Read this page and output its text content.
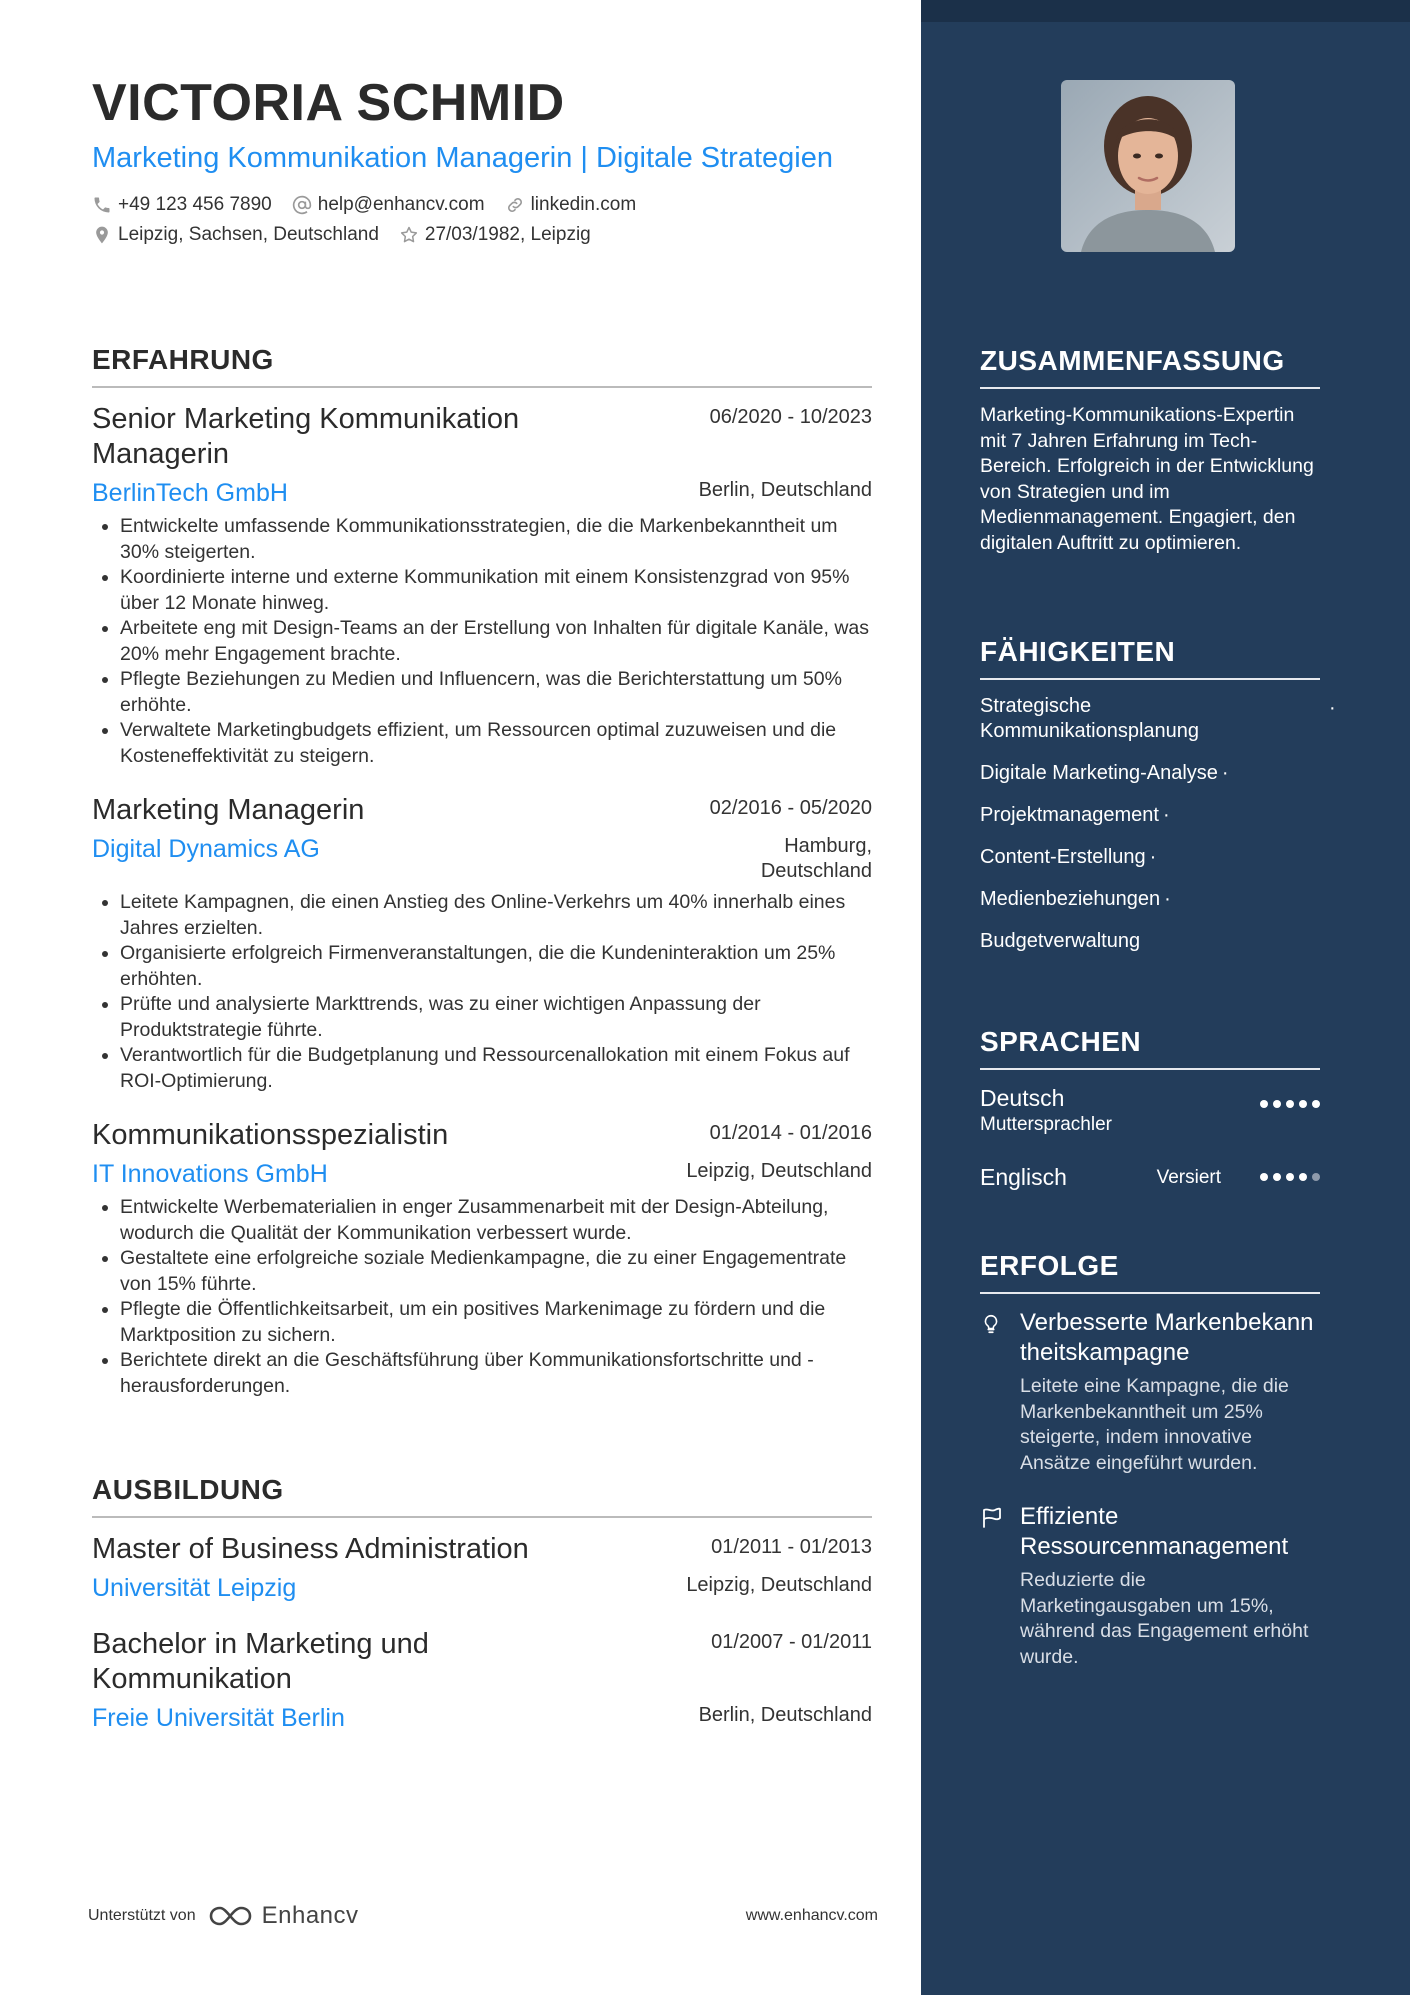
VICTORIA SCHMID
Marketing Kommunikation Managerin | Digitale Strategien
+49 123 456 7890 help@enhancv.com linkedin.com
Leipzig, Sachsen, Deutschland 27/03/1982, Leipzig
ERFAHRUNG
Senior Marketing Kommunikation Managerin
06/2020 - 10/2023
BerlinTech GmbH	Berlin, Deutschland
• Entwickelte umfassende Kommunikationsstrategien, die die Markenbekanntheit um 30% steigerten.
• Koordinierte interne und externe Kommunikation mit einem Konsistenzgrad von 95% über 12 Monate hinweg.
• Arbeitete eng mit Design-Teams an der Erstellung von Inhalten für digitale Kanäle, was 20% mehr Engagement brachte.
• Pflegte Beziehungen zu Medien und Influencern, was die Berichterstattung um 50% erhöhte.
• Verwaltete Marketingbudgets effizient, um Ressourcen optimal zuzuweisen und die Kosteneffektivität zu steigern.
Marketing Managerin	02/2016 - 05/2020
Digital Dynamics AG	Hamburg, Deutschland
• Leitete Kampagnen, die einen Anstieg des Online-Verkehrs um 40% innerhalb eines Jahres erzielten.
• Organisierte erfolgreich Firmenveranstaltungen, die die Kundeninteraktion um 25% erhöhten.
• Prüfte und analysierte Markttrends, was zu einer wichtigen Anpassung der Produktstrategie führte.
• Verantwortlich für die Budgetplanung und Ressourcenallokation mit einem Fokus auf ROI-Optimierung.
Kommunikationsspezialistin	01/2014 - 01/2016
IT Innovations GmbH	Leipzig, Deutschland
• Entwickelte Werbematerialien in enger Zusammenarbeit mit der Design-Abteilung, wodurch die Qualität der Kommunikation verbessert wurde.
• Gestaltete eine erfolgreiche soziale Medienkampagne, die zu einer Engagementrate von 15% führte.
• Pflegte die Öffentlichkeitsarbeit, um ein positives Markenimage zu fördern und die Marktposition zu sichern.
• Berichtete direkt an die Geschäftsführung über Kommunikationsfortschritte und -herausforderungen.
AUSBILDUNG
Master of Business Administration	01/2011 - 01/2013
Universität Leipzig	Leipzig, Deutschland
Bachelor in Marketing und Kommunikation
01/2007 - 01/2011
Freie Universität Berlin	Berlin, Deutschland
Unterstützt von	Enhancv	www.enhancv.com
ZUSAMMENFASSUNG
Marketing-Kommunikations-Expertin mit 7 Jahren Erfahrung im Tech-Bereich. Erfolgreich in der Entwicklung von Strategien und im Medienmanagement. Engagiert, den digitalen Auftritt zu optimieren.
FÄHIGKEITEN
Strategische Kommunikationsplanung
·
Digitale Marketing-Analyse ·
Projektmanagement ·
Content-Erstellung ·
Medienbeziehungen ·
Budgetverwaltung
SPRACHEN
Deutsch
Muttersprachler
Englisch	Versiert
ERFOLGE
Verbesserte Markenbekanntheitskampagne
Leitete eine Kampagne, die die Markenbekanntheit um 25% steigerte, indem innovative Ansätze eingeführt wurden.
Effiziente Ressourcenmanagement
Reduzierte die Marketingausgaben um 15%, während das Engagement erhöht wurde.
